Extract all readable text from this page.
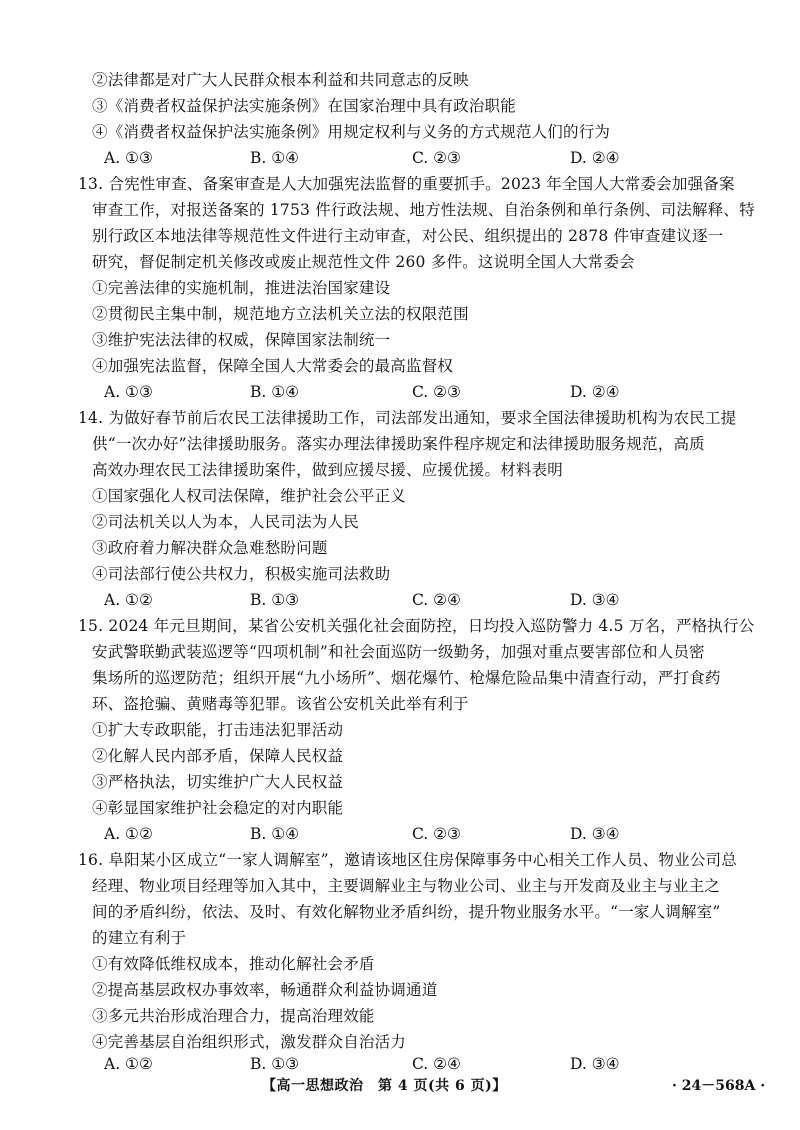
②法律都是对广大人民群众根本利益和共同意志的反映
③《消费者权益保护法实施条例》在国家治理中具有政治职能
④《消费者权益保护法实施条例》用规定权利与义务的方式规范人们的行为
A. ①③	B. ①④	C. ②③	D. ②④
13. 合宪性审查、备案审查是人大加强宪法监督的重要抓手。2023 年全国人大常委会加强备案
审查工作，对报送备案的 1753 件行政法规、地方性法规、自治条例和单行条例、司法解释、特
别行政区本地法律等规范性文件进行主动审查，对公民、组织提出的 2878 件审查建议逐一
研究，督促制定机关修改或废止规范性文件 260 多件。这说明全国人大常委会
①完善法律的实施机制，推进法治国家建设
②贯彻民主集中制，规范地方立法机关立法的权限范围
③维护宪法法律的权威，保障国家法制统一
④加强宪法监督，保障全国人大常委会的最高监督权
A. ①③	B. ①④	C. ②③	D. ②④
14. 为做好春节前后农民工法律援助工作，司法部发出通知，要求全国法律援助机构为农民工提
供“一次办好”法律援助服务。落实办理法律援助案件程序规定和法律援助服务规范，高质
高效办理农民工法律援助案件，做到应援尽援、应援优援。材料表明
①国家强化人权司法保障，维护社会公平正义
②司法机关以人为本，人民司法为人民
③政府着力解决群众急难愁盼问题
④司法部行使公共权力，积极实施司法救助
A. ①②	B. ①③	C. ②④	D. ③④
15. 2024 年元旦期间，某省公安机关强化社会面防控，日均投入巡防警力 4.5 万名，严格执行公
安武警联勤武装巡逻等“四项机制”和社会面巡防一级勤务，加强对重点要害部位和人员密
集场所的巡逻防范；组织开展“九小场所”、烟花爆竹、枪爆危险品集中清查行动，严打食药
环、盗抢骗、黄赌毒等犯罪。该省公安机关此举有利于
①扩大专政职能，打击违法犯罪活动
②化解人民内部矛盾，保障人民权益
③严格执法，切实维护广大人民权益
④彰显国家维护社会稳定的对内职能
A. ①②	B. ①④	C. ②③	D. ③④
16. 阜阳某小区成立“一家人调解室”，邀请该地区住房保障事务中心相关工作人员、物业公司总
经理、物业项目经理等加入其中，主要调解业主与物业公司、业主与开发商及业主与业主之
间的矛盾纠纷，依法、及时、有效化解物业矛盾纠纷，提升物业服务水平。“一家人调解室”
的建立有利于
①有效降低维权成本，推动化解社会矛盾
②提高基层政权办事效率，畅通群众利益协调通道
③多元共治形成治理合力，提高治理效能
④完善基层自治组织形式，激发群众自治活力
A. ①②	B. ①③	C. ②④	D. ③④
【高一思想政治　第 4 页(共 6 页)】	· 24－568A ·
